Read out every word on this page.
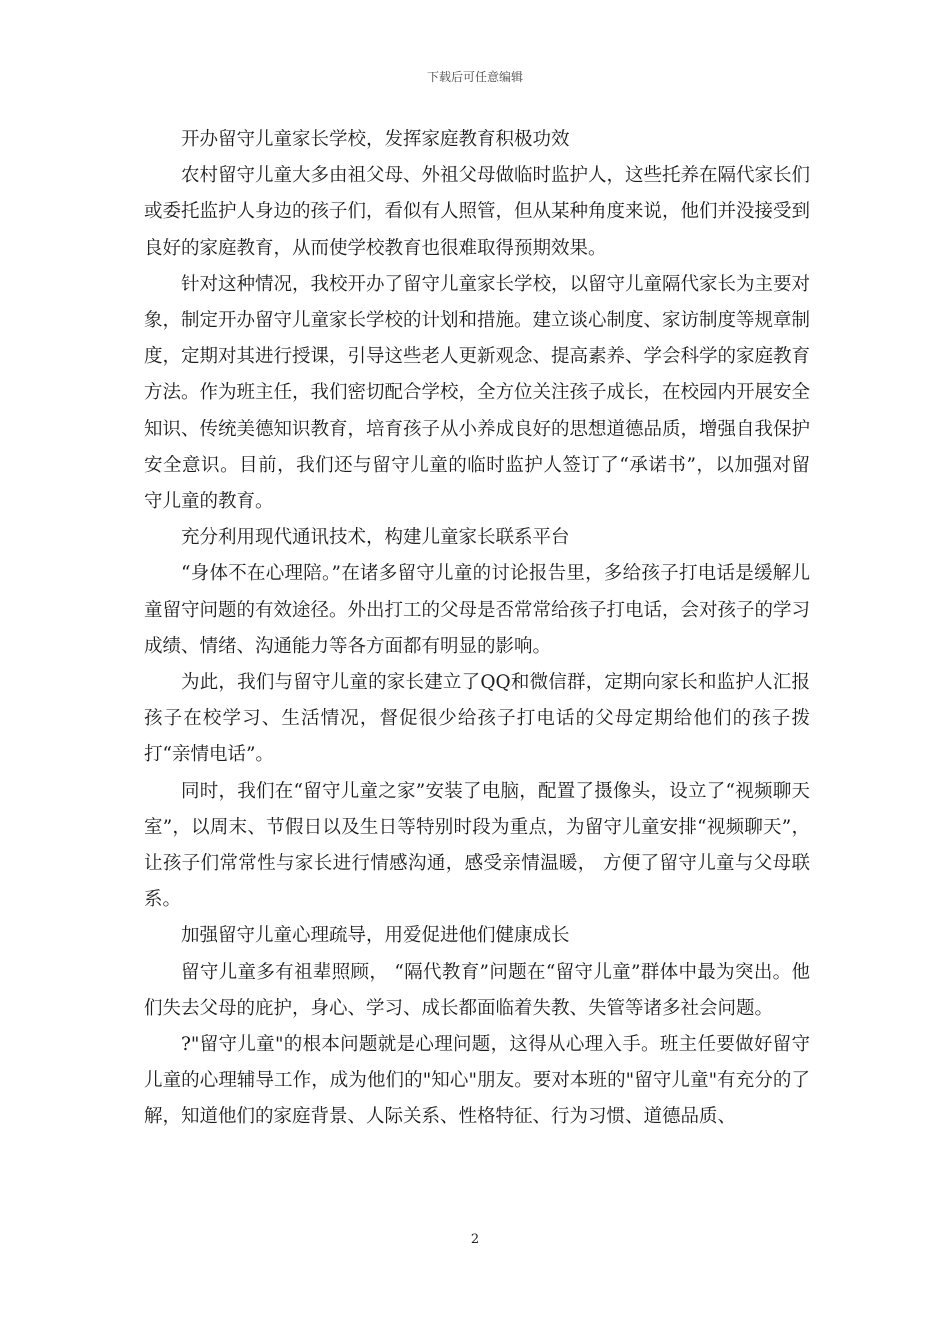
下载后可任意编辑

开办留守儿童家长学校，发挥家庭教育积极功效

农村留守儿童大多由祖父母、外祖父母做临时监护人，这些托养在隔代家长们或委托监护人身边的孩子们，看似有人照管，但从某种角度来说，他们并没接受到良好的家庭教育，从而使学校教育也很难取得预期效果。

针对这种情况，我校开办了留守儿童家长学校，以留守儿童隔代家长为主要对象，制定开办留守儿童家长学校的计划和措施。建立谈心制度、家访制度等规章制度，定期对其进行授课，引导这些老人更新观念、提高素养、学会科学的家庭教育方法。作为班主任，我们密切配合学校，全方位关注孩子成长，在校园内开展安全知识、传统美德知识教育，培育孩子从小养成良好的思想道德品质，增强自我保护安全意识。目前，我们还与留守儿童的临时监护人签订了“承诺书”，以加强对留守儿童的教育。

充分利用现代通讯技术，构建儿童家长联系平台

“身体不在心理陪。”在诸多留守儿童的讨论报告里，多给孩子打电话是缓解儿童留守问题的有效途径。外出打工的父母是否常常给孩子打电话，会对孩子的学习成绩、情绪、沟通能力等各方面都有明显的影响。

为此，我们与留守儿童的家长建立了QQ和微信群，定期向家长和监护人汇报孩子在校学习、生活情况，督促很少给孩子打电话的父母定期给他们的孩子拨打“亲情电话”。

同时，我们在“留守儿童之家”安装了电脑，配置了摄像头，设立了“视频聊天室”，以周末、节假日以及生日等特别时段为重点，为留守儿童安排“视频聊天”，让孩子们常常性与家长进行情感沟通，感受亲情温暖， 方便了留守儿童与父母联系。

加强留守儿童心理疏导，用爱促进他们健康成长

留守儿童多有祖辈照顾， “隔代教育”问题在“留守儿童”群体中最为突出。他们失去父母的庇护，身心、学习、成长都面临着失教、失管等诸多社会问题。

?"留守儿童"的根本问题就是心理问题，这得从心理入手。班主任要做好留守儿童的心理辅导工作，成为他们的"知心"朋友。要对本班的"留守儿童"有充分的了解，知道他们的家庭背景、人际关系、性格特征、行为习惯、道德品质、

2
